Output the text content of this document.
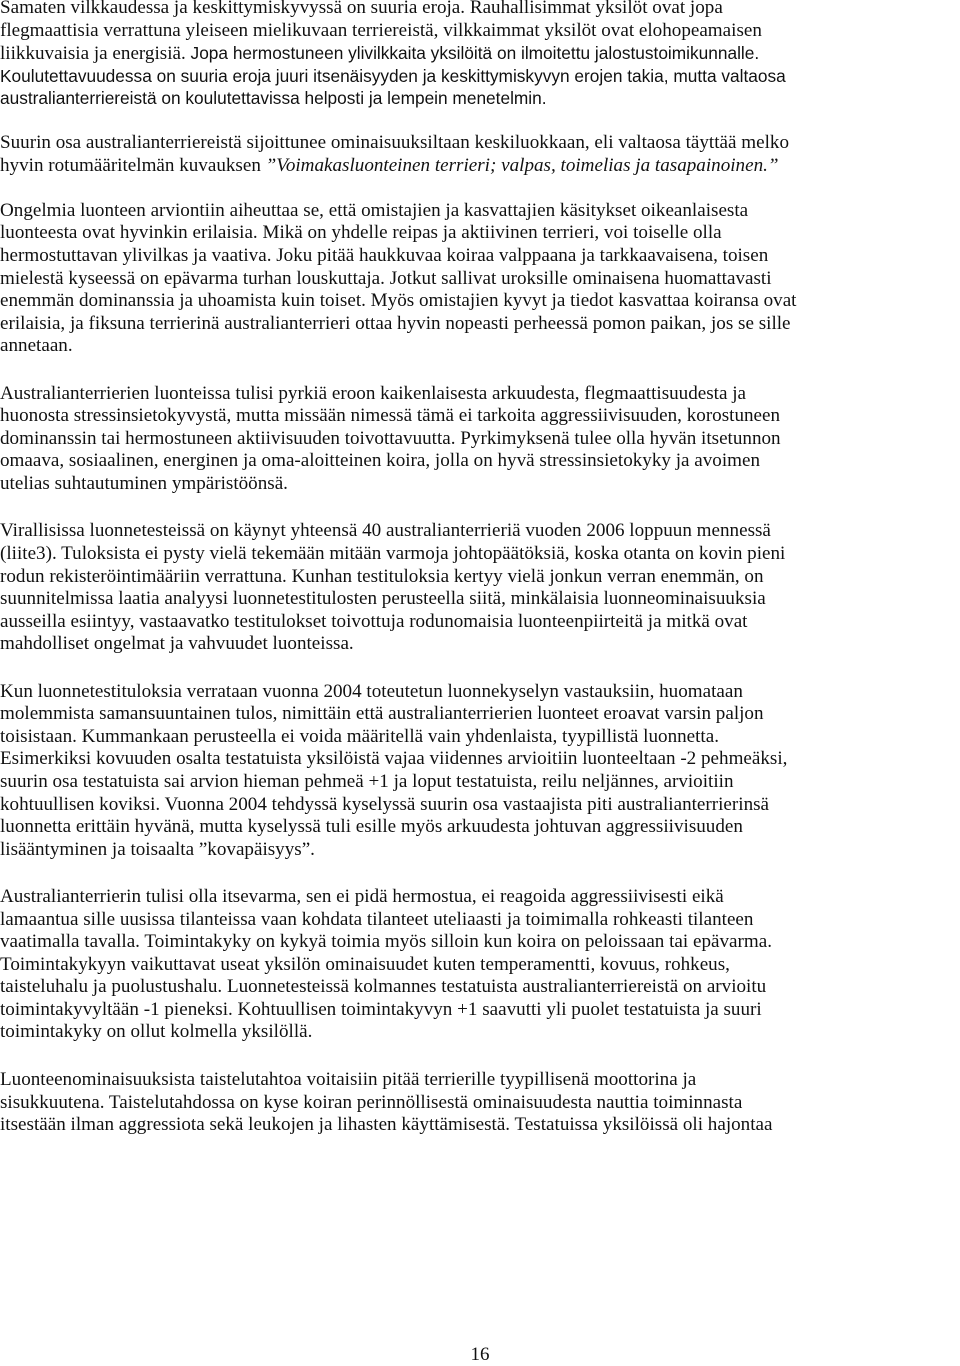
Samaten vilkkaudessa ja keskittymiskyvyssä on suuria eroja. Rauhallisimmat yksilöt ovat jopa
flegmaattisia verrattuna yleiseen mielikuvaan terriereistä, vilkkaimmat yksilöt ovat elohopeamaisen
liikkuvaisia ja energisiä. Jopa hermostuneen ylivilkkaita yksilöitä on ilmoitettu jalostustoimikunnalle.
Koulutettavuudessa on suuria eroja juuri itsenäisyyden ja keskittymiskyvyn erojen takia, mutta valtaosa
australianterriereistä on koulutettavissa helposti ja lempein menetelmin.

Suurin osa australianterriereistä sijoittunee ominaisuuksiltaan keskiluokkaan, eli valtaosa täyttää melko
hyvin rotumääritelmän kuvauksen ”Voimakasluonteinen terrieri; valpas, toimelias ja tasapainoinen.”

Ongelmia luonteen arviontiin aiheuttaa se, että omistajien ja kasvattajien käsitykset oikeanlaisesta
luonteesta ovat hyvinkin erilaisia. Mikä on yhdelle reipas ja aktiivinen terrieri, voi toiselle olla
hermostuttavan ylivilkas ja vaativa. Joku pitää haukkuvaa koiraa valppaana ja tarkkaavaisena, toisen
mielestä kyseessä on epävarma turhan louskuttaja. Jotkut sallivat uroksille ominaisena huomattavasti
enemmän dominanssia ja uhoamista kuin toiset. Myös omistajien kyvyt ja tiedot kasvattaa koiransa ovat
erilaisia, ja fiksuna terrierinä australianterrieri ottaa hyvin nopeasti perheessä pomon paikan, jos se sille
annetaan.

Australianterrierien luonteissa tulisi pyrkiä eroon kaikenlaisesta arkuudesta, flegmaattisuudesta ja
huonosta stressinsietokyvystä, mutta missään nimessä tämä ei tarkoita aggressiivisuuden, korostuneen
dominanssin tai hermostuneen aktiivisuuden toivottavuutta. Pyrkimyksenä tulee olla hyvän itsetunnon
omaava, sosiaalinen, energinen ja oma-aloitteinen koira, jolla on hyvä stressinsietokyky ja avoimen
utelias suhtautuminen ympäristöönsä.

Virallisissa luonnetesteissä on käynyt yhteensä 40 australianterrieriä vuoden 2006 loppuun mennessä
(liite3). Tuloksista ei pysty vielä tekemään mitään varmoja johtopäätöksiä, koska otanta on kovin pieni
rodun rekisteröintimääriin verrattuna. Kunhan testituloksia kertyy vielä jonkun verran enemmän, on
suunnitelmissa laatia analyysi luonnetestitulosten perusteella siitä, minkälaisia luonneominaisuuksia
ausseilla esiintyy, vastaavatko testitulokset toivottuja rodunomaisia luonteenpiirteitä ja mitkä ovat
mahdolliset ongelmat ja vahvuudet luonteissa.

Kun luonnetestituloksia verrataan vuonna 2004 toteutetun luonnekyselyn vastauksiin, huomataan
molemmista samansuuntainen tulos, nimittäin että australianterrierien luonteet eroavat varsin paljon
toisistaan. Kummankaan perusteella ei voida määritellä vain yhdenlaista, tyypillistä luonnetta.
Esimerkiksi kovuuden osalta testatuista yksilöistä vajaa viidennes arvioitiin luonteeltaan -2 pehmeäksi,
suurin osa testatuista sai arvion hieman pehmeä +1 ja loput testatuista, reilu neljännes, arvioitiin
kohtuullisen koviksi. Vuonna 2004 tehdyssä kyselyssä suurin osa vastaajista piti australianterrierinsä
luonnetta erittäin hyvänä, mutta kyselyssä tuli esille myös arkuudesta johtuvan aggressiivisuuden
lisääntyminen ja toisaalta ”kovapäisyys”.

Australianterrierin tulisi olla itsevarma, sen ei pidä hermostua, ei reagoida aggressiivisesti eikä
lamaantua sille uusissa tilanteissa vaan kohdata tilanteet uteliaasti ja toimimalla rohkeasti tilanteen
vaatimalla tavalla. Toimintakyky on kykyä toimia myös silloin kun koira on peloissaan tai epävarma.
Toimintakykyyn vaikuttavat useat yksilön ominaisuudet kuten temperamentti, kovuus, rohkeus,
taisteluhalu ja puolustushalu. Luonnetesteissä kolmannes testatuista australianterriereistä on arvioitu
toimintakyvyltään -1 pieneksi. Kohtuullisen toimintakyvyn +1 saavutti yli puolet testatuista ja suuri
toimintakyky on ollut kolmella yksilöllä.

Luonteenominaisuuksista taistelutahtoa voitaisiin pitää terrierille tyypillisenä moottorina ja
sisukkuutena. Taistelutahdossa on kyse koiran perinnöllisestä ominaisuudesta nauttia toiminnasta
itsestään ilman aggressiota sekä leukojen ja lihasten käyttämisestä. Testatuissa yksilöissä oli hajontaa

16
